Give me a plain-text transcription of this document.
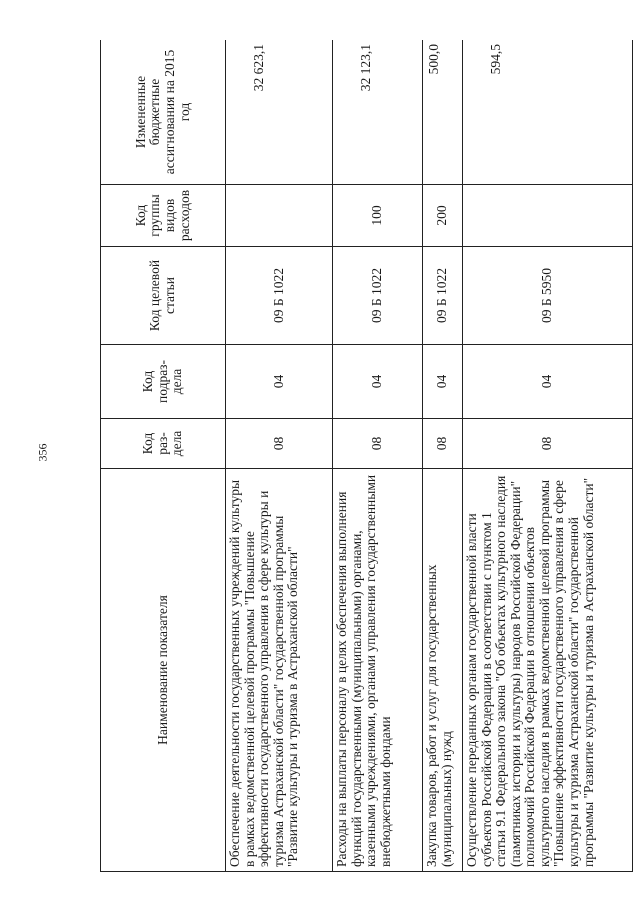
356
Наименование показателя	Код раз-дела	Код подраз-дела	Код целевой статьи	Код группы видов расходов	Измененные бюджетные ассигнования на 2015 год
Обеспечение деятельности государственных учреждений культуры в рамках ведомственной целевой программы "Повышение эффективности государственного управления в сфере культуры и туризма Астраханской области" государственной программы "Развитие культуры и туризма в Астраханской области"	08	04	09 Б 1022		32 623,1
Расходы на выплаты персоналу в целях обеспечения выполнения функций государственными (муниципальными) органами, казенными учреждениями, органами управления государственными внебюджетными фондами	08	04	09 Б 1022	100	32 123,1
Закупка товаров, работ и услуг для государственных (муниципальных) нужд	08	04	09 Б 1022	200	500,0
Осуществление переданных органам государственной власти субъектов Российской Федерации в соответствии с пунктом 1 статьи 9.1 Федерального закона "Об объектах культурного наследия (памятниках истории и культуры) народов Российской Федерации" полномочий Российской Федерации в отношении объектов культурного наследия в рамках ведомственной целевой программы "Повышение эффективности государственного управления в сфере культуры и туризма Астраханской области" государственной программы "Развитие культуры и туризма в Астраханской области"	08	04	09 Б 5950		594,5
